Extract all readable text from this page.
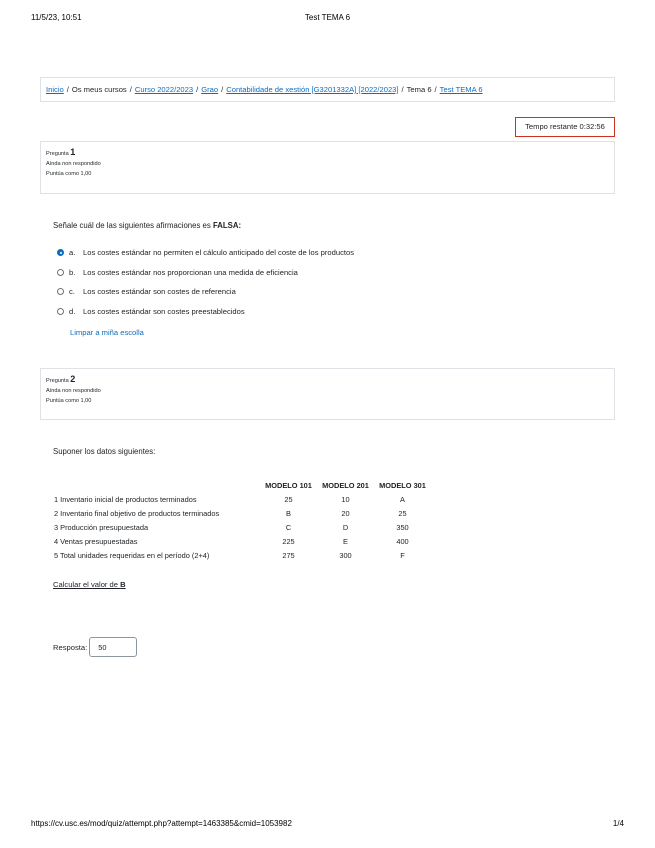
11/5/23, 10:51	Test TEMA 6
Inicio / Os meus cursos / Curso 2022/2023 / Grao / Contabilidade de xestión [G3201332A] [2022/2023] / Tema 6 / Test TEMA 6
Tempo restante 0:32:56
Pregunta 1
Aínda non respondido
Puntúa como 1,00
Señale cuál de las siguientes afirmaciones es FALSA:
a.	Los costes estándar no permiten el cálculo anticipado del coste de los productos
b.	Los costes estándar nos proporcionan una medida de eficiencia
c.	Los costes estándar son costes de referencia
d.	Los costes estándar son costes preestablecidos
Limpar a miña escolla
Pregunta 2
Aínda non respondido
Puntúa como 1,00
Suponer los datos siguientes:
	MODELO 101	MODELO 201	MODELO 301
1 Inventario inicial de productos terminados	25	10	A
2 Inventario final objetivo de productos terminados	B	20	25
3 Producción presupuestada	C	D	350
4 Ventas presupuestadas	225	E	400
5 Total unidades requeridas en el período (2+4)	275	300	F
Calcular el valor de B
Resposta:
50
https://cv.usc.es/mod/quiz/attempt.php?attempt=1463385&cmid=1053982	1/4
